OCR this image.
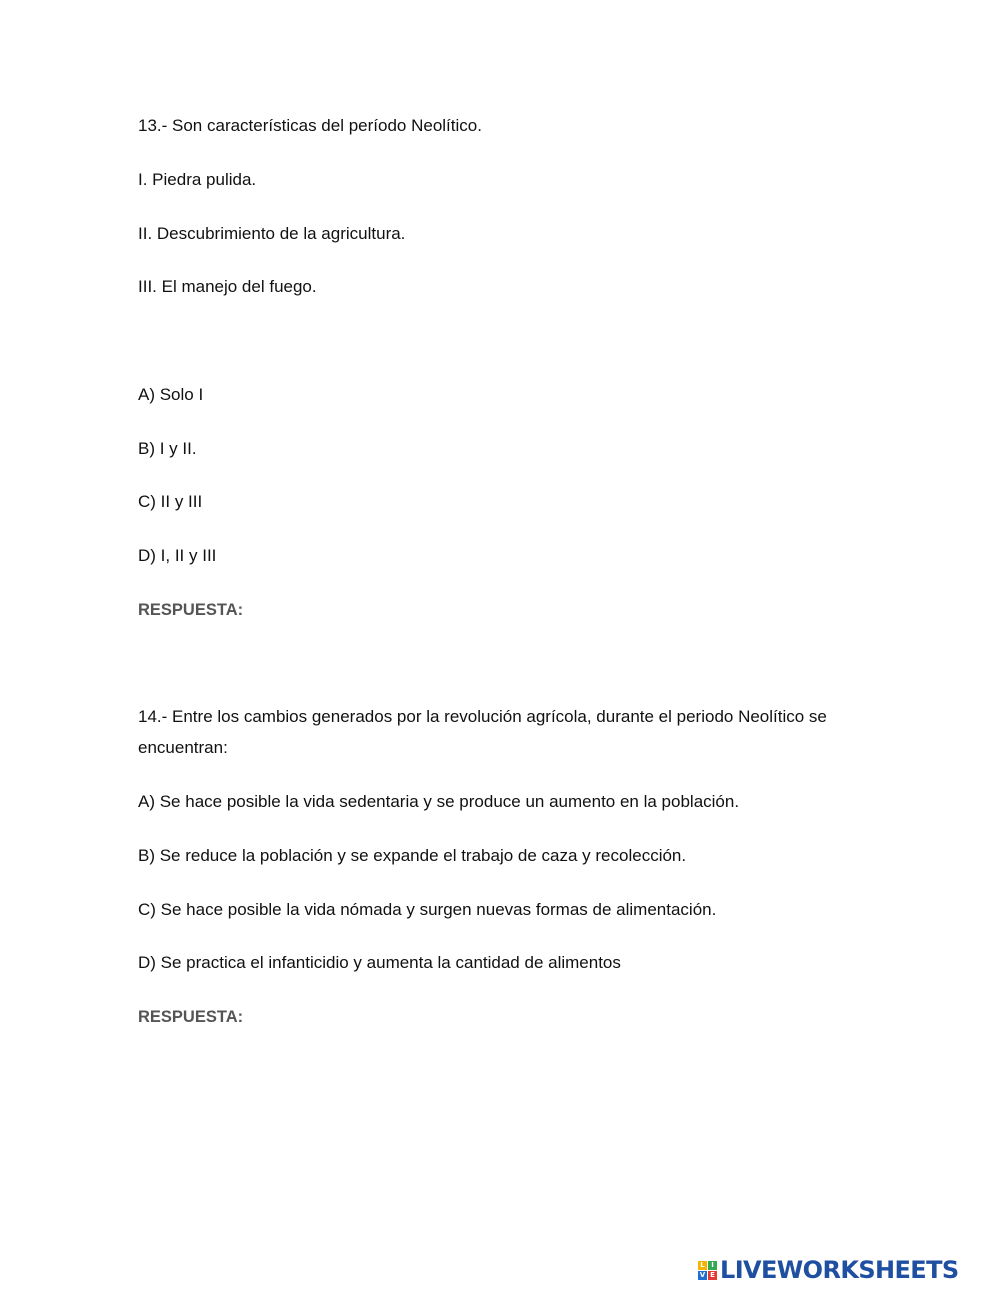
13.- Son características del período Neolítico.
I. Piedra pulida.
II. Descubrimiento de la agricultura.
III. El manejo del fuego.
A) Solo I
B) I y II.
C) II y III
D) I, II y III
RESPUESTA:
14.- Entre los cambios generados por la revolución agrícola, durante el periodo Neolítico se
encuentran:
A) Se hace posible la vida sedentaria y se produce un aumento en la población.
B) Se reduce la población y se expande el trabajo de caza y recolección.
C) Se hace posible la vida nómada y surgen nuevas formas de alimentación.
D) Se practica el infanticidio y aumenta la cantidad de alimentos
RESPUESTA:
L I
V E LIVEWORKSHEETS
